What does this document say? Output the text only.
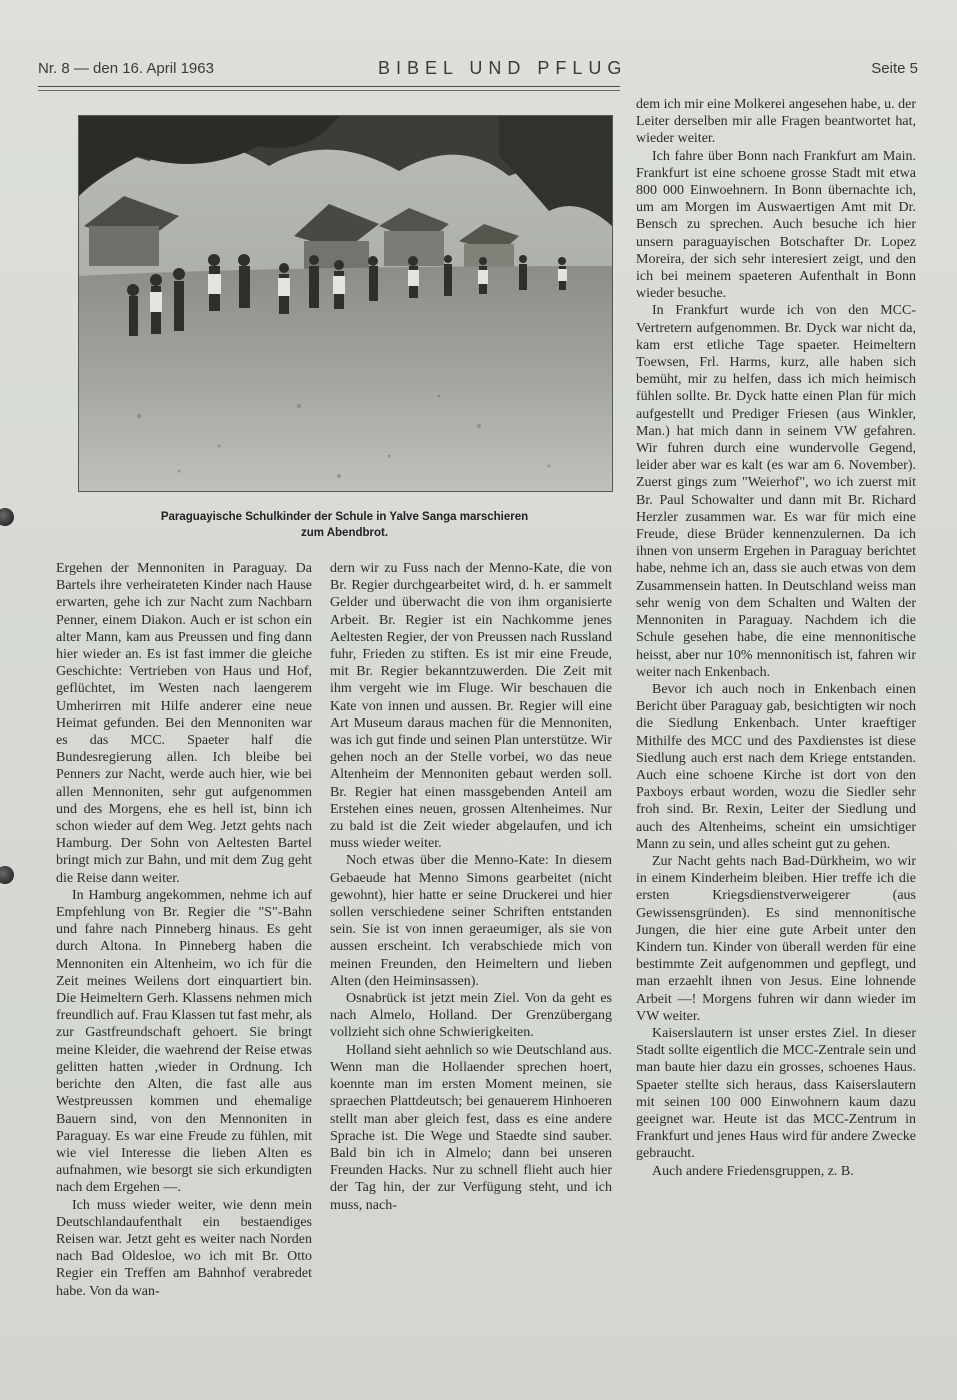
Nr. 8 — den 16. April 1963	BIBEL UND PFLUG	Seite 5
Paraguayische Schulkinder der Schule in Yalve Sanga marschieren
zum Abendbrot.

Ergehen der Mennoniten in Paraguay. Da Bartels ihre verheirateten Kinder nach Hause erwarten, gehe ich zur Nacht zum Nachbarn Penner, einem Diakon. Auch er ist schon ein alter Mann, kam aus Preussen und fing dann hier wieder an. Es ist fast immer die gleiche Geschichte: Vertrieben von Haus und Hof, geflüchtet, im Westen nach laengerem Umherirren mit Hilfe anderer eine neue Heimat gefunden. Bei den Mennoniten war es das MCC. Spaeter half die Bundesregierung allen. Ich bleibe bei Penners zur Nacht, werde auch hier, wie bei allen Mennoniten, sehr gut aufgenommen und des Morgens, ehe es hell ist, binn ich schon wieder auf dem Weg. Jetzt gehts nach Hamburg. Der Sohn von Aeltesten Bartel bringt mich zur Bahn, und mit dem Zug geht die Reise dann weiter.

In Hamburg angekommen, nehme ich auf Empfehlung von Br. Regier die "S"-Bahn und fahre nach Pinneberg hinaus. Es geht durch Altona. In Pinneberg haben die Mennoniten ein Altenheim, wo ich für die Zeit meines Weilens dort einquartiert bin. Die Heimeltern Gerh. Klassens nehmen mich freundlich auf. Frau Klassen tut fast mehr, als zur Gastfreundschaft gehoert. Sie bringt meine Kleider, die waehrend der Reise etwas gelitten hatten ,wieder in Ordnung. Ich berichte den Alten, die fast alle aus Westpreussen kommen und ehemalige Bauern sind, von den Mennoniten in Paraguay. Es war eine Freude zu fühlen, mit wie viel Interesse die lieben Alten es aufnahmen, wie besorgt sie sich erkundigten nach dem Ergehen —.

Ich muss wieder weiter, wie denn mein Deutschlandaufenthalt ein bestaendiges Reisen war. Jetzt geht es weiter nach Norden nach Bad Oldesloe, wo ich mit Br. Otto Regier ein Treffen am Bahnhof verabredet habe. Von da wan-

dern wir zu Fuss nach der Menno-Kate, die von Br. Regier durchgearbeitet wird, d. h. er sammelt Gelder und überwacht die von ihm organisierte Arbeit. Br. Regier ist ein Nachkomme jenes Aeltesten Regier, der von Preussen nach Russland fuhr, Frieden zu stiften. Es ist mir eine Freude, mit Br. Regier bekanntzuwerden. Die Zeit mit ihm vergeht wie im Fluge. Wir beschauen die Kate von innen und aussen. Br. Regier will eine Art Museum daraus machen für die Mennoniten, was ich gut finde und seinen Plan unterstütze. Wir gehen noch an der Stelle vorbei, wo das neue Altenheim der Mennoniten gebaut werden soll. Br. Regier hat einen massgebenden Anteil am Erstehen eines neuen, grossen Altenheimes. Nur zu bald ist die Zeit wieder abgelaufen, und ich muss wieder weiter.

Noch etwas über die Menno-Kate: In diesem Gebaeude hat Menno Simons gearbeitet (nicht gewohnt), hier hatte er seine Druckerei und hier sollen verschiedene seiner Schriften entstanden sein. Sie ist von innen geraeumiger, als sie von aussen erscheint. Ich verabschiede mich von meinen Freunden, den Heimeltern und lieben Alten (den Heiminsassen).

Osnabrück ist jetzt mein Ziel. Von da geht es nach Almelo, Holland. Der Grenzübergang vollzieht sich ohne Schwierigkeiten.

Holland sieht aehnlich so wie Deutschland aus. Wenn man die Hollaender sprechen hoert, koennte man im ersten Moment meinen, sie spraechen Plattdeutsch; bei genauerem Hinhoeren stellt man aber gleich fest, dass es eine andere Sprache ist. Die Wege und Staedte sind sauber. Bald bin ich in Almelo; dann bei unseren Freunden Hacks. Nur zu schnell flieht auch hier der Tag hin, der zur Verfügung steht, und ich muss, nach-

dem ich mir eine Molkerei angesehen habe, u. der Leiter derselben mir alle Fragen beantwortet hat, wieder weiter.

Ich fahre über Bonn nach Frankfurt am Main. Frankfurt ist eine schoene grosse Stadt mit etwa 800 000 Einwoehnern. In Bonn übernachte ich, um am Morgen im Auswaertigen Amt mit Dr. Bensch zu sprechen. Auch besuche ich hier unsern paraguayischen Botschafter Dr. Lopez Moreira, der sich sehr interesiert zeigt, und den ich bei meinem spaeteren Aufenthalt in Bonn wieder besuche.

In Frankfurt wurde ich von den MCC-Vertretern aufgenommen. Br. Dyck war nicht da, kam erst etliche Tage spaeter. Heimeltern Toewsen, Frl. Harms, kurz, alle haben sich bemüht, mir zu helfen, dass ich mich heimisch fühlen sollte. Br. Dyck hatte einen Plan für mich aufgestellt und Prediger Friesen (aus Winkler, Man.) hat mich dann in seinem VW gefahren. Wir fuhren durch eine wundervolle Gegend, leider aber war es kalt (es war am 6. November). Zuerst gings zum "Weierhof", wo ich zuerst mit Br. Paul Schowalter und dann mit Br. Richard Herzler zusammen war. Es war für mich eine Freude, diese Brüder kennenzulernen. Da ich ihnen von unserm Ergehen in Paraguay berichtet habe, nehme ich an, dass sie auch etwas von dem Zusammensein hatten. In Deutschland weiss man sehr wenig von dem Schalten und Walten der Mennoniten in Paraguay. Nachdem ich die Schule gesehen habe, die eine mennonitische heisst, aber nur 10% mennonitisch ist, fahren wir weiter nach Enkenbach.

Bevor ich auch noch in Enkenbach einen Bericht über Paraguay gab, besichtigten wir noch die Siedlung Enkenbach. Unter kraeftiger Mithilfe des MCC und des Paxdienstes ist diese Siedlung auch erst nach dem Kriege entstanden. Auch eine schoene Kirche ist dort von den Paxboys erbaut worden, wozu die Siedler sehr froh sind. Br. Rexin, Leiter der Siedlung und auch des Altenheims, scheint ein umsichtiger Mann zu sein, und alles scheint gut zu gehen.

Zur Nacht gehts nach Bad-Dürkheim, wo wir in einem Kinderheim bleiben. Hier treffe ich die ersten Kriegsdienstverweigerer (aus Gewissensgründen). Es sind mennonitische Jungen, die hier eine gute Arbeit unter den Kindern tun. Kinder von überall werden für eine bestimmte Zeit aufgenommen und gepflegt, und man erzaehlt ihnen von Jesus. Eine lohnende Arbeit —! Morgens fuhren wir dann wieder im VW weiter.

Kaiserslautern ist unser erstes Ziel. In dieser Stadt sollte eigentlich die MCC-Zentrale sein und man baute hier dazu ein grosses, schoenes Haus. Spaeter stellte sich heraus, dass Kaiserslautern mit seinen 100 000 Einwohnern kaum dazu geeignet war. Heute ist das MCC-Zentrum in Frankfurt und jenes Haus wird für andere Zwecke gebraucht.

Auch andere Friedensgruppen, z. B.
